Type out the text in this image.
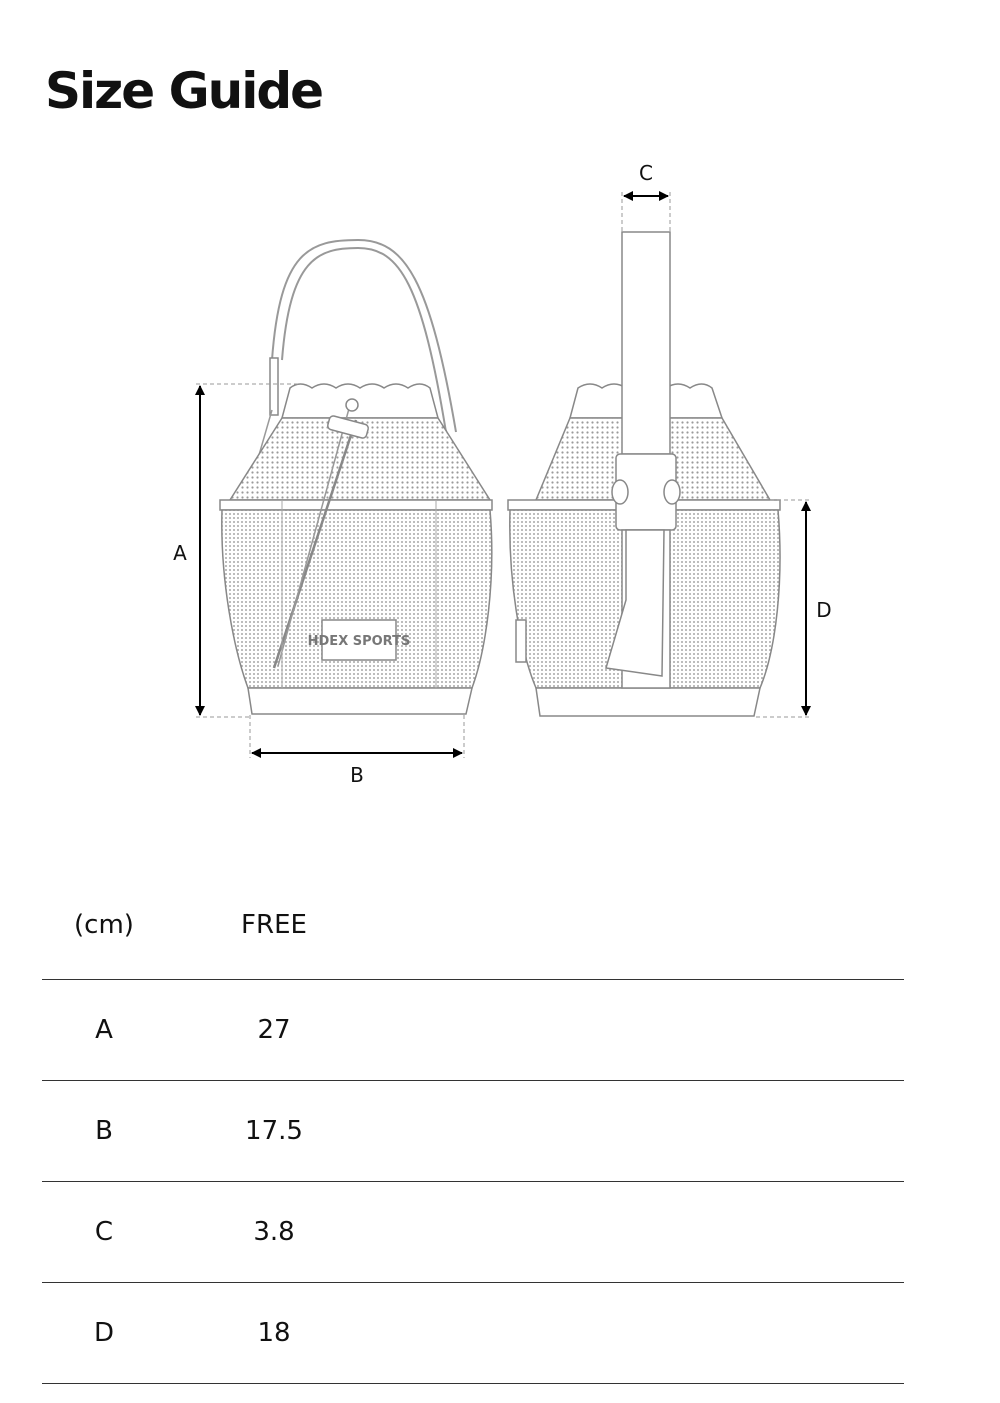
Size Guide
HDEX SPORTS
A
B
C
D
(cm)	FREE
A	27
B	17.5
C	3.8
D	18
